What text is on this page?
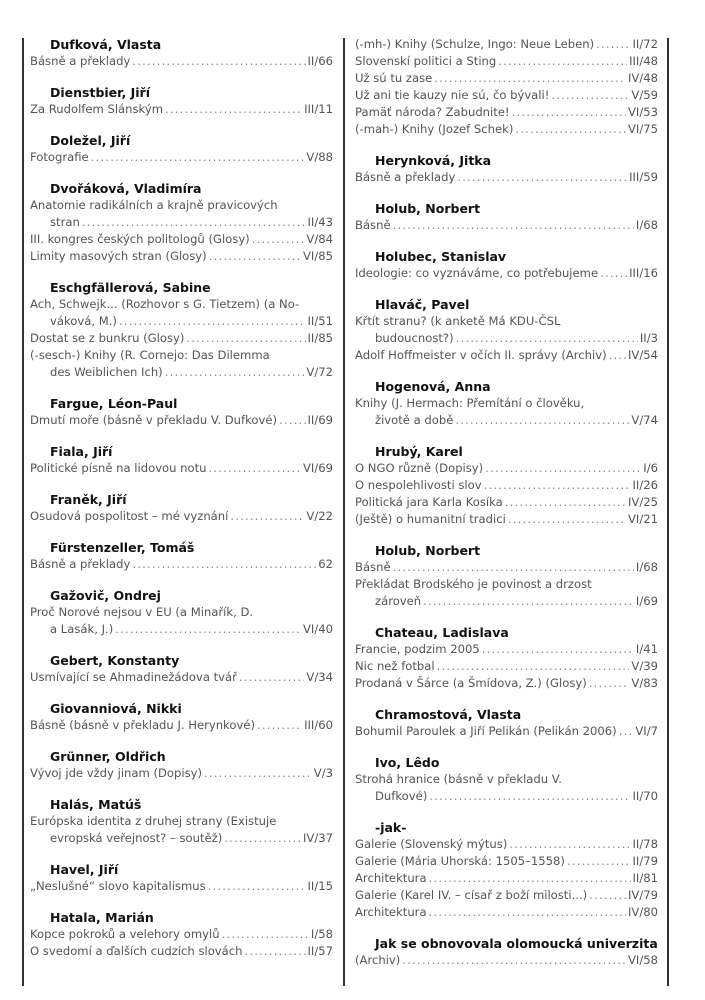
Dufková, Vlasta
Básně a překlady .....	II/66
Dienstbier, Jiří
Za Rudolfem Slánským .....	III/11
Doležel, Jiří
Fotografie .....	V/88
Dvořáková, Vladimíra
Anatomie radikálních a krajně pravicových
stran .....	II/43
III. kongres českých politologů (Glosy) .....	V/84
Limity masových stran (Glosy) .....	VI/85
Eschgfällerová, Sabine
Ach, Schwejk... (Rozhovor s G. Tietzem) (a No-
váková, M.) .....	II/51
Dostat se z bunkru (Glosy) .....	II/85
(-sesch-) Knihy (R. Cornejo: Das Dilemma
des Weiblichen Ich) .....	V/72
Fargue, Léon-Paul
Dmutí moře (básně v překladu V. Dufkové) .....	II/69
Fiala, Jiří
Politické písně na lidovou notu .....	VI/69
Franěk, Jiří
Osudová pospolitost – mé vyznání .....	V/22
Fürstenzeller, Tomáš
Básně a překlady .....	62
Gažovič, Ondrej
Proč Norové nejsou v EU (a Minařík, D.
a Lasák, J.) .....	VI/40
Gebert, Konstanty
Usmívající se Ahmadinežádova tvář .....	V/34
Giovanniová, Nikki
Básně (básně v překladu J. Herynkové) .....	III/60
Grünner, Oldřich
Vývoj jde vždy jinam (Dopisy) .....	V/3
Halás, Matúš
Európska identita z druhej strany (Existuje
evropská veřejnost? – soutěž) .....	IV/37
Havel, Jiří
„Neslušné“ slovo kapitalismus .....	II/15
Hatala, Marián
Kopce pokroků a velehory omylů .....	I/58
O svedomí a ďalších cudzích slovách .....	II/57
(-mh-) Knihy (Schulze, Ingo: Neue Leben) .....	II/72
Slovenskí politici a Sting .....	III/48
Už sú tu zase .....	IV/48
Už ani tie kauzy nie sú, čo bývali! .....	V/59
Pamäť národa? Zabudnite! .....	VI/53
(-mah-) Knihy (Jozef Schek) .....	VI/75
Herynková, Jitka
Básně a překlady .....	III/59
Holub, Norbert
Básně .....	I/68
Holubec, Stanislav
Ideologie: co vyznáváme, co potřebujeme .....	III/16
Hlaváč, Pavel
Křtít stranu? (k anketě Má KDU-ČSL
budoucnost?) .....	II/3
Adolf Hoffmeister v očích II. správy (Archiv) ..... IV/54
Hogenová, Anna
Knihy (J. Hermach: Přemítání o člověku,
životě a době .....	V/74
Hrubý, Karel
O NGO různě (Dopisy) .....	I/6
O nespolehlivosti slov .....	II/26
Politická jara Karla Kosíka .....	IV/25
(Ještě) o humanitní tradici .....	VI/21
Holub, Norbert
Básně .....	I/68
Překládat Brodského je povinost a drzost
zároveň .....	I/69
Chateau, Ladislava
Francie, podzim 2005 .....	I/41
Nic než fotbal .....	V/39
Prodaná v Šárce (a Šmídova, Z.) (Glosy) .....	V/83
Chramostová, Vlasta
Bohumil Paroulek a Jiří Pelikán (Pelikán 2006) ..... VI/7
Ivo, Lêdo
Strohá hranice (básně v překladu V.
Dufkové) .....	II/70
-jak-
Galerie (Slovenský mýtus) .....	II/78
Galerie (Mária Uhorská: 1505–1558) .....	II/79
Architektura .....	II/81
Galerie (Karel IV. – císař z boží milosti...) .....	IV/79
Architektura .....	IV/80
Jak se obnovovala olomoucká univerzita
(Archiv) .....	VI/58
